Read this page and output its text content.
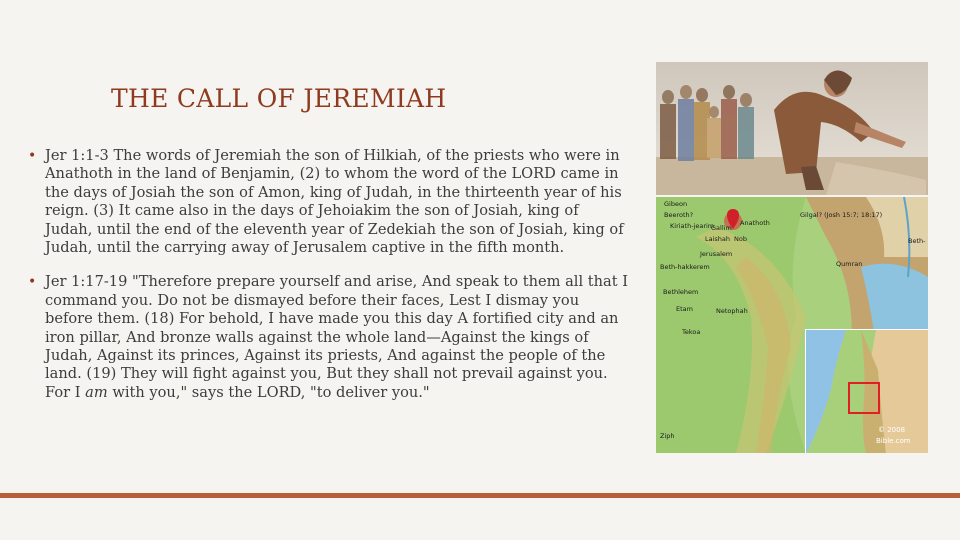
THE CALL OF JEREMIAH
• Jer 1:1-3 The words of Jeremiah the son of Hilkiah, of the priests who were in Anathoth in the land of Benjamin, (2) to whom the word of the LORD came in the days of Josiah the son of Amon, king of Judah, in the thirteenth year of his reign. (3) It came also in the days of Jehoiakim the son of Josiah, king of Judah, until the end of the eleventh year of Zedekiah the son of Josiah, king of Judah, until the carrying away of Jerusalem captive in the fifth month.
• Jer 1:17-19 "Therefore prepare yourself and arise, And speak to them all that I command you. Do not be dismayed before their faces, Lest I dismay you before them. (18) For behold, I have made you this day A fortified city and an iron pillar, And bronze walls against the whole land—Against the kings of Judah, Against its princes, Against its priests, And against the people of the land. (19) They will fight against you, But they shall not prevail against you. For I am with you," says the LORD, "to deliver you."
Gibeon
Beeroth?
Kiriath-jearim
Gallim
Anathoth
Laishah Nob
Gilgal? (Josh 15:7; 18:17)
Jerusalem
Beth-hakkerem	Qumran
Bethlehem
Etam	Netophah
Tekoa
Ziph
Beth-
© 2008
Bible.com
